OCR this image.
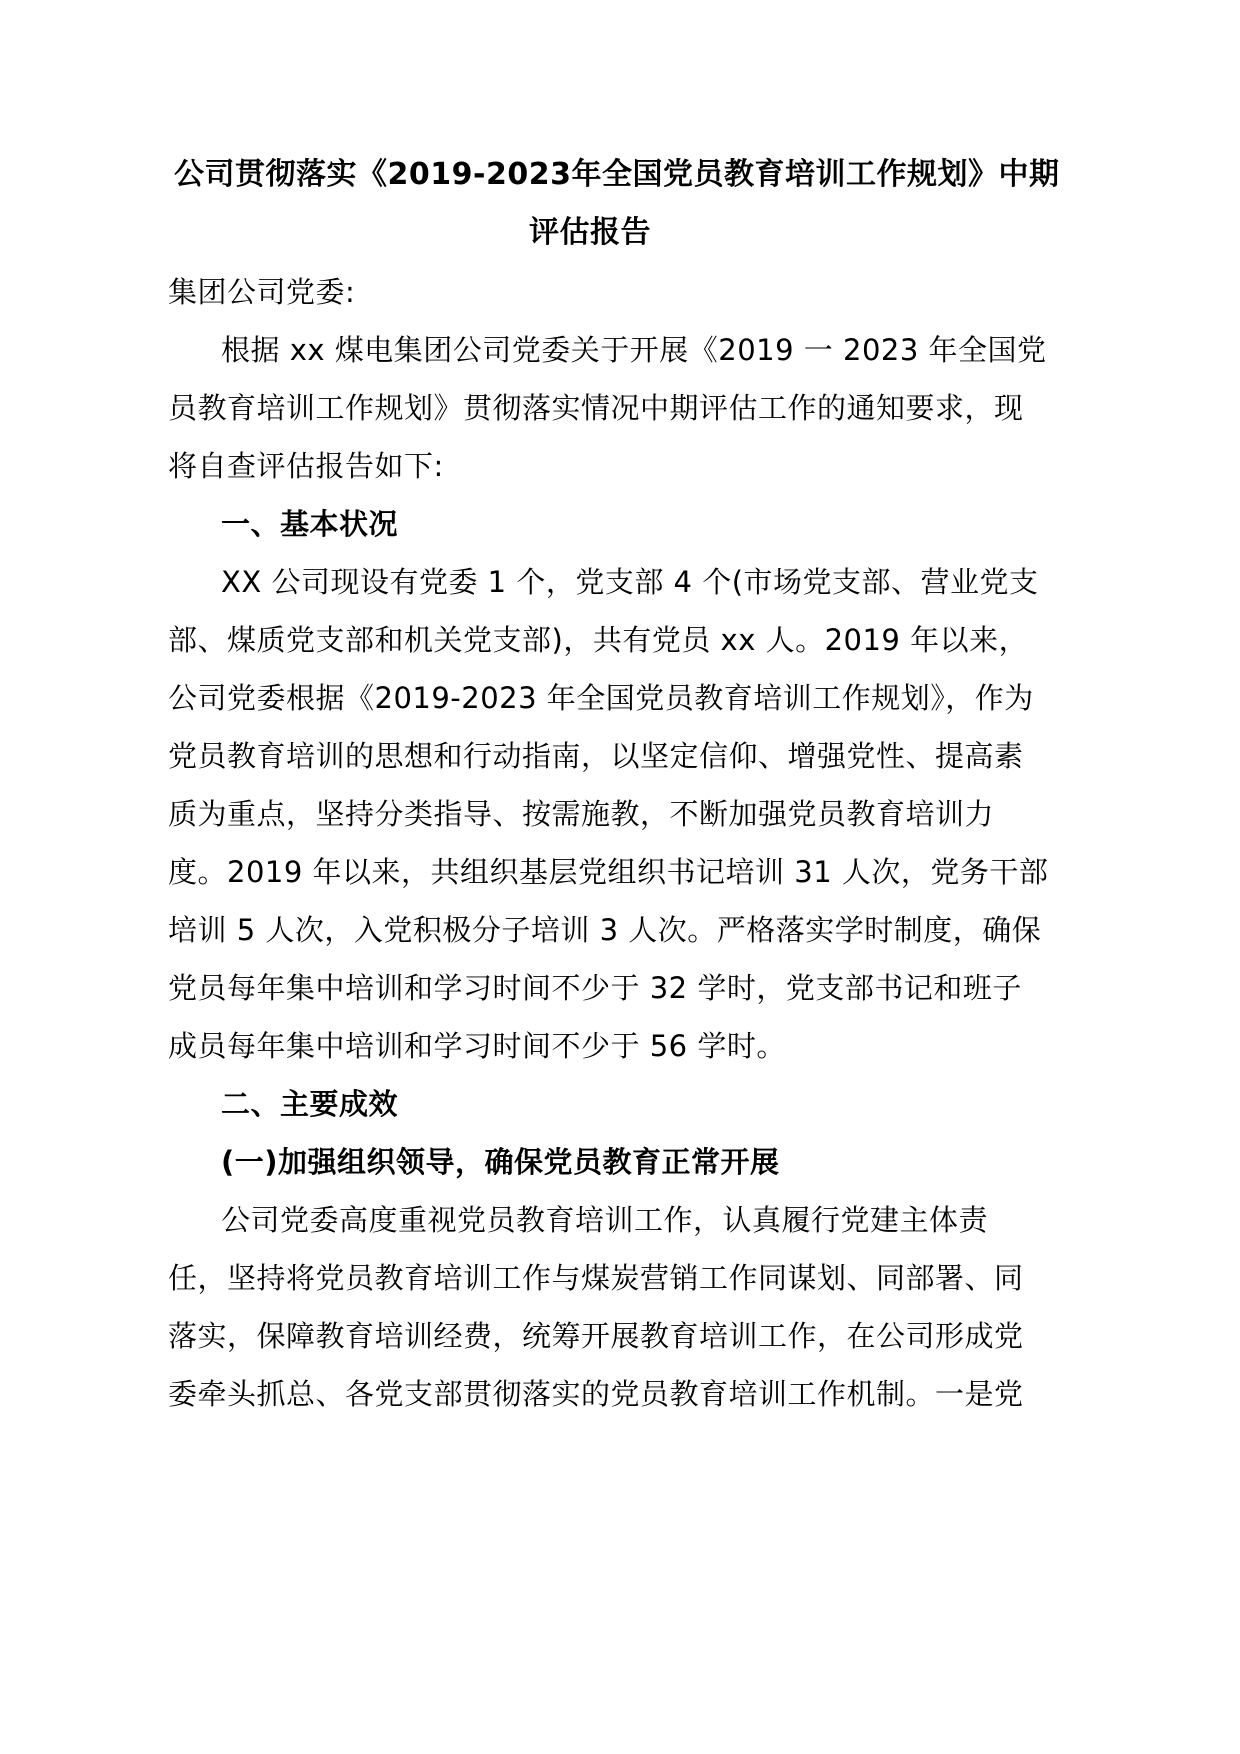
公司贯彻落实《2019-2023年全国党员教育培训工作规划》中期
评估报告
集团公司党委:
根据 xx 煤电集团公司党委关于开展《2019 一 2023 年全国党
员教育培训工作规划》贯彻落实情况中期评估工作的通知要求，现
将自查评估报告如下:
一、基本状况
XX 公司现设有党委 1 个，党支部 4 个(市场党支部、营业党支
部、煤质党支部和机关党支部)，共有党员 xx 人。2019 年以来，
公司党委根据《2019-2023 年全国党员教育培训工作规划》，作为
党员教育培训的思想和行动指南，以坚定信仰、增强党性、提高素
质为重点，坚持分类指导、按需施教，不断加强党员教育培训力
度。2019 年以来，共组织基层党组织书记培训 31 人次，党务干部
培训 5 人次，入党积极分子培训 3 人次。严格落实学时制度，确保
党员每年集中培训和学习时间不少于 32 学时，党支部书记和班子
成员每年集中培训和学习时间不少于 56 学时。
二、主要成效
(一)加强组织领导，确保党员教育正常开展
公司党委高度重视党员教育培训工作，认真履行党建主体责
任，坚持将党员教育培训工作与煤炭营销工作同谋划、同部署、同
落实，保障教育培训经费，统筹开展教育培训工作，在公司形成党
委牵头抓总、各党支部贯彻落实的党员教育培训工作机制。一是党
